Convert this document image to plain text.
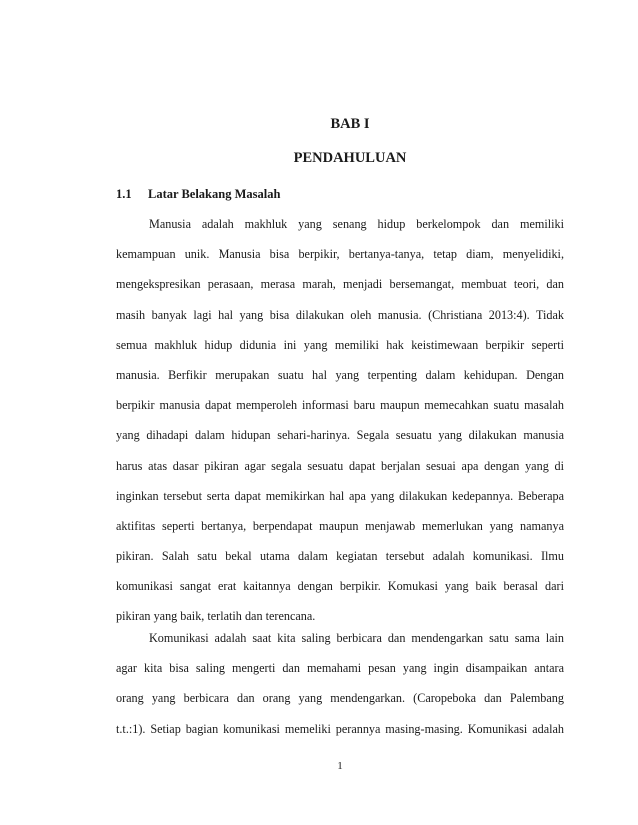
BAB I
PENDAHULUAN
1.1 Latar Belakang Masalah
Manusia adalah makhluk yang senang hidup berkelompok dan memiliki
kemampuan unik. Manusia bisa berpikir, bertanya-tanya, tetap diam, menyelidiki,
mengekspresikan perasaan, merasa marah, menjadi bersemangat, membuat teori, dan
masih banyak lagi hal yang bisa dilakukan oleh manusia. (Christiana 2013:4). Tidak
semua makhluk hidup didunia ini yang memiliki hak keistimewaan berpikir seperti
manusia. Berfikir merupakan suatu hal yang terpenting dalam kehidupan. Dengan
berpikir manusia dapat memperoleh informasi baru maupun memecahkan suatu masalah
yang dihadapi dalam hidupan sehari-harinya. Segala sesuatu yang dilakukan manusia
harus atas dasar pikiran agar segala sesuatu dapat berjalan sesuai apa dengan yang di
inginkan tersebut serta dapat memikirkan hal apa yang dilakukan kedepannya. Beberapa
aktifitas seperti bertanya, berpendapat maupun menjawab memerlukan yang namanya
pikiran. Salah satu bekal utama dalam kegiatan tersebut adalah komunikasi. Ilmu
komunikasi sangat erat kaitannya dengan berpikir. Komukasi yang baik berasal dari
pikiran yang baik, terlatih dan terencana.
Komunikasi adalah saat kita saling berbicara dan mendengarkan satu sama lain
agar kita bisa saling mengerti dan memahami pesan yang ingin disampaikan antara
orang yang berbicara dan orang yang mendengarkan. (Caropeboka dan Palembang
t.t.:1). Setiap bagian komunikasi memeliki perannya masing-masing. Komunikasi adalah
1
